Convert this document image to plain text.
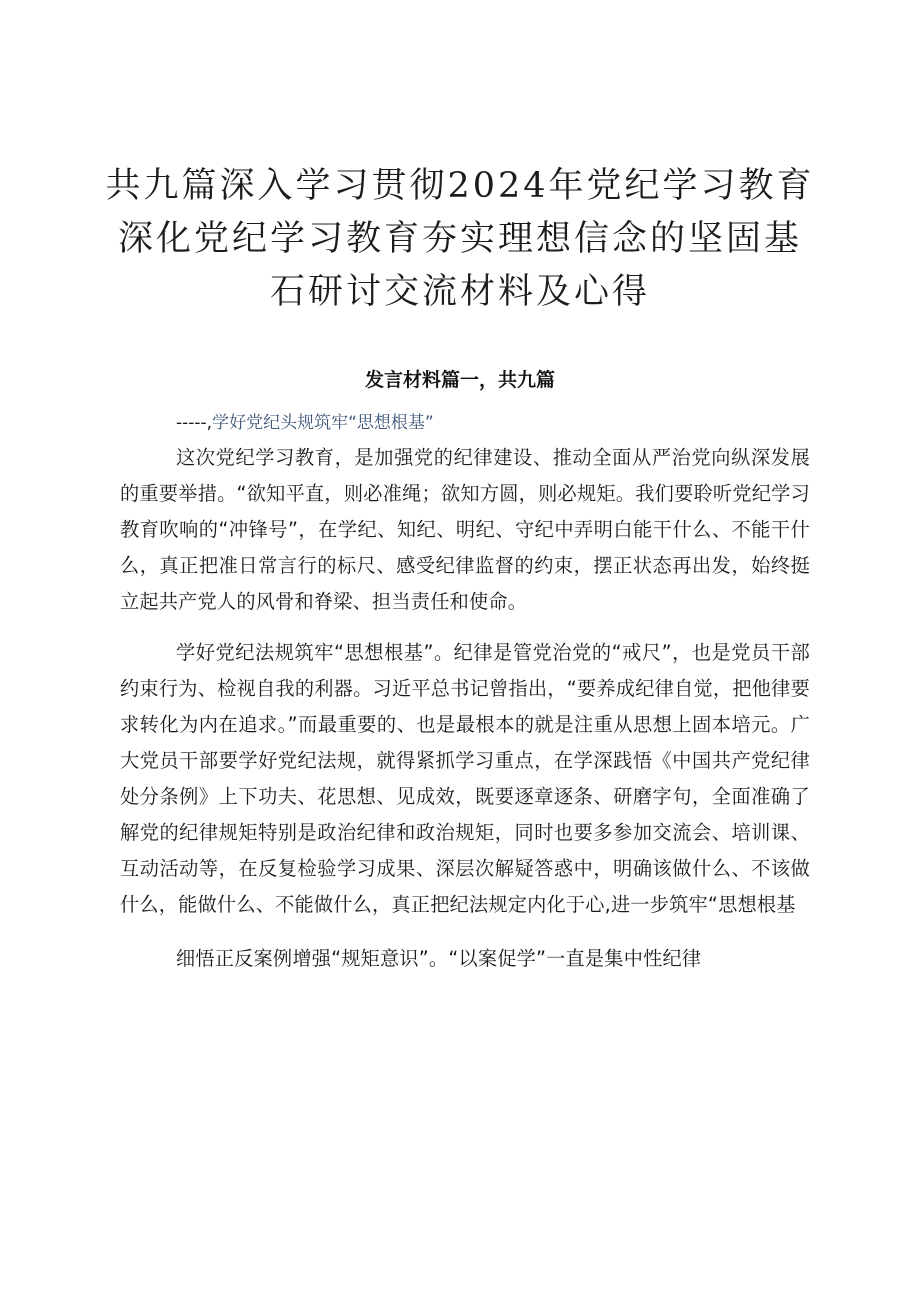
共九篇深入学习贯彻2024年党纪学习教育深化党纪学习教育夯实理想信念的坚固基石研讨交流材料及心得
发言材料篇一，共九篇
-----,学好党纪头规筑牢“思想根基”

这次党纪学习教育，是加强党的纪律建设、推动全面从严治党向纵深发展的重要举措。“欲知平直，则必准绳；欲知方圆，则必规矩。我们要聆听党纪学习教育吹响的“冲锋号”，在学纪、知纪、明纪、守纪中弄明白能干什么、不能干什么，真正把准日常言行的标尺、感受纪律监督的约束，摆正状态再出发，始终挺立起共产党人的风骨和脊梁、担当责任和使命。

学好党纪法规筑牢“思想根基”。纪律是管党治党的“戒尺”，也是党员干部约束行为、检视自我的利器。习近平总书记曾指出，“要养成纪律自觉，把他律要求转化为内在追求。”而最重要的、也是最根本的就是注重从思想上固本培元。广大党员干部要学好党纪法规，就得紧抓学习重点，在学深践悟《中国共产党纪律处分条例》上下功夫、花思想、见成效，既要逐章逐条、研磨字句，全面准确了解党的纪律规矩特别是政治纪律和政治规矩，同时也要多参加交流会、培训课、互动活动等，在反复检验学习成果、深层次解疑答惑中，明确该做什么、不该做什么，能做什么、不能做什么，真正把纪法规定内化于心,进一步筑牢“思想根基

细悟正反案例增强“规矩意识”。“以案促学”一直是集中性纪律
